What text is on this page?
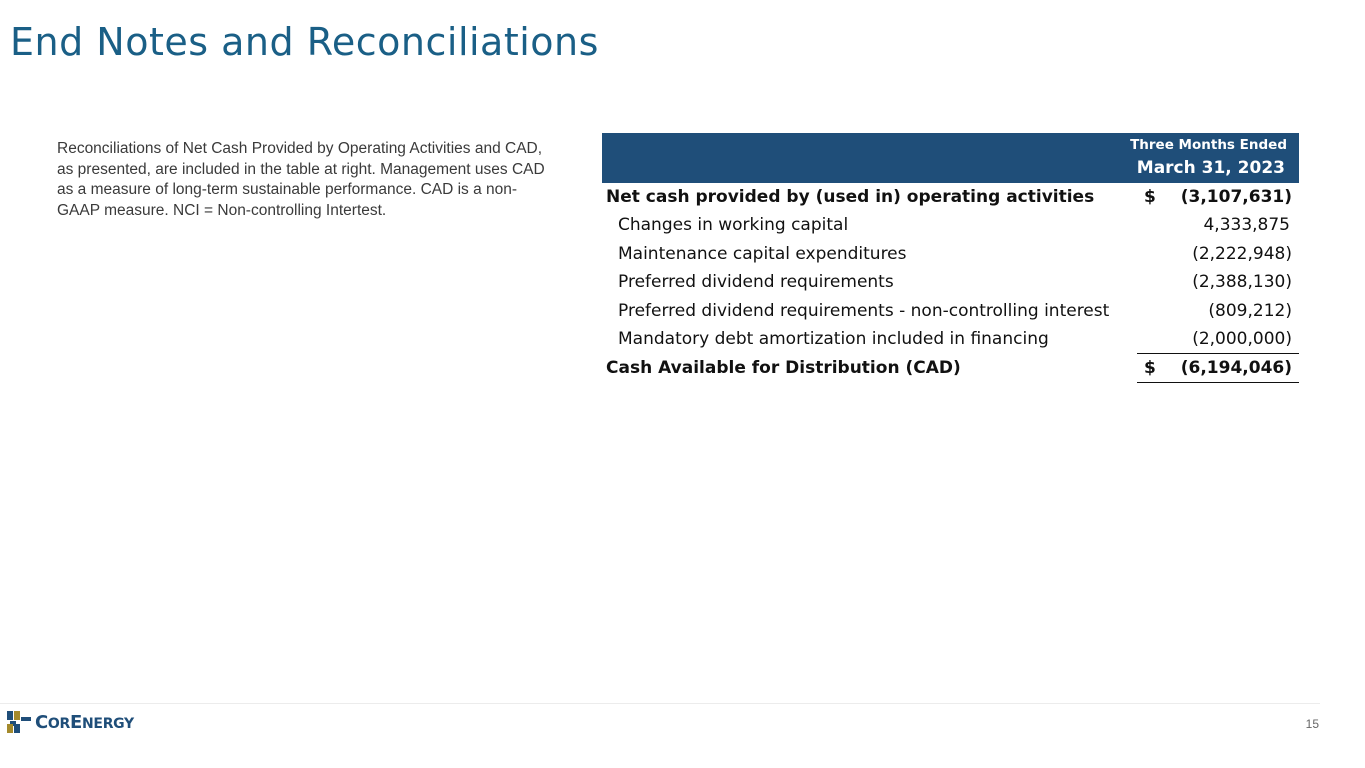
End Notes and Reconciliations

Reconciliations of Net Cash Provided by Operating Activities and CAD, as presented, are included in the table at right. Management uses CAD as a measure of long-term sustainable performance. CAD is a non-GAAP measure. NCI = Non-controlling Intertest.

Three Months Ended
March 31, 2023
Net cash provided by (used in) operating activities	$ (3,107,631)
Changes in working capital	4,333,875
Maintenance capital expenditures	(2,222,948)
Preferred dividend requirements	(2,388,130)
Preferred dividend requirements - non-controlling interest	(809,212)
Mandatory debt amortization included in financing	(2,000,000)
Cash Available for Distribution (CAD)	$ (6,194,046)
CORENERGY	15
